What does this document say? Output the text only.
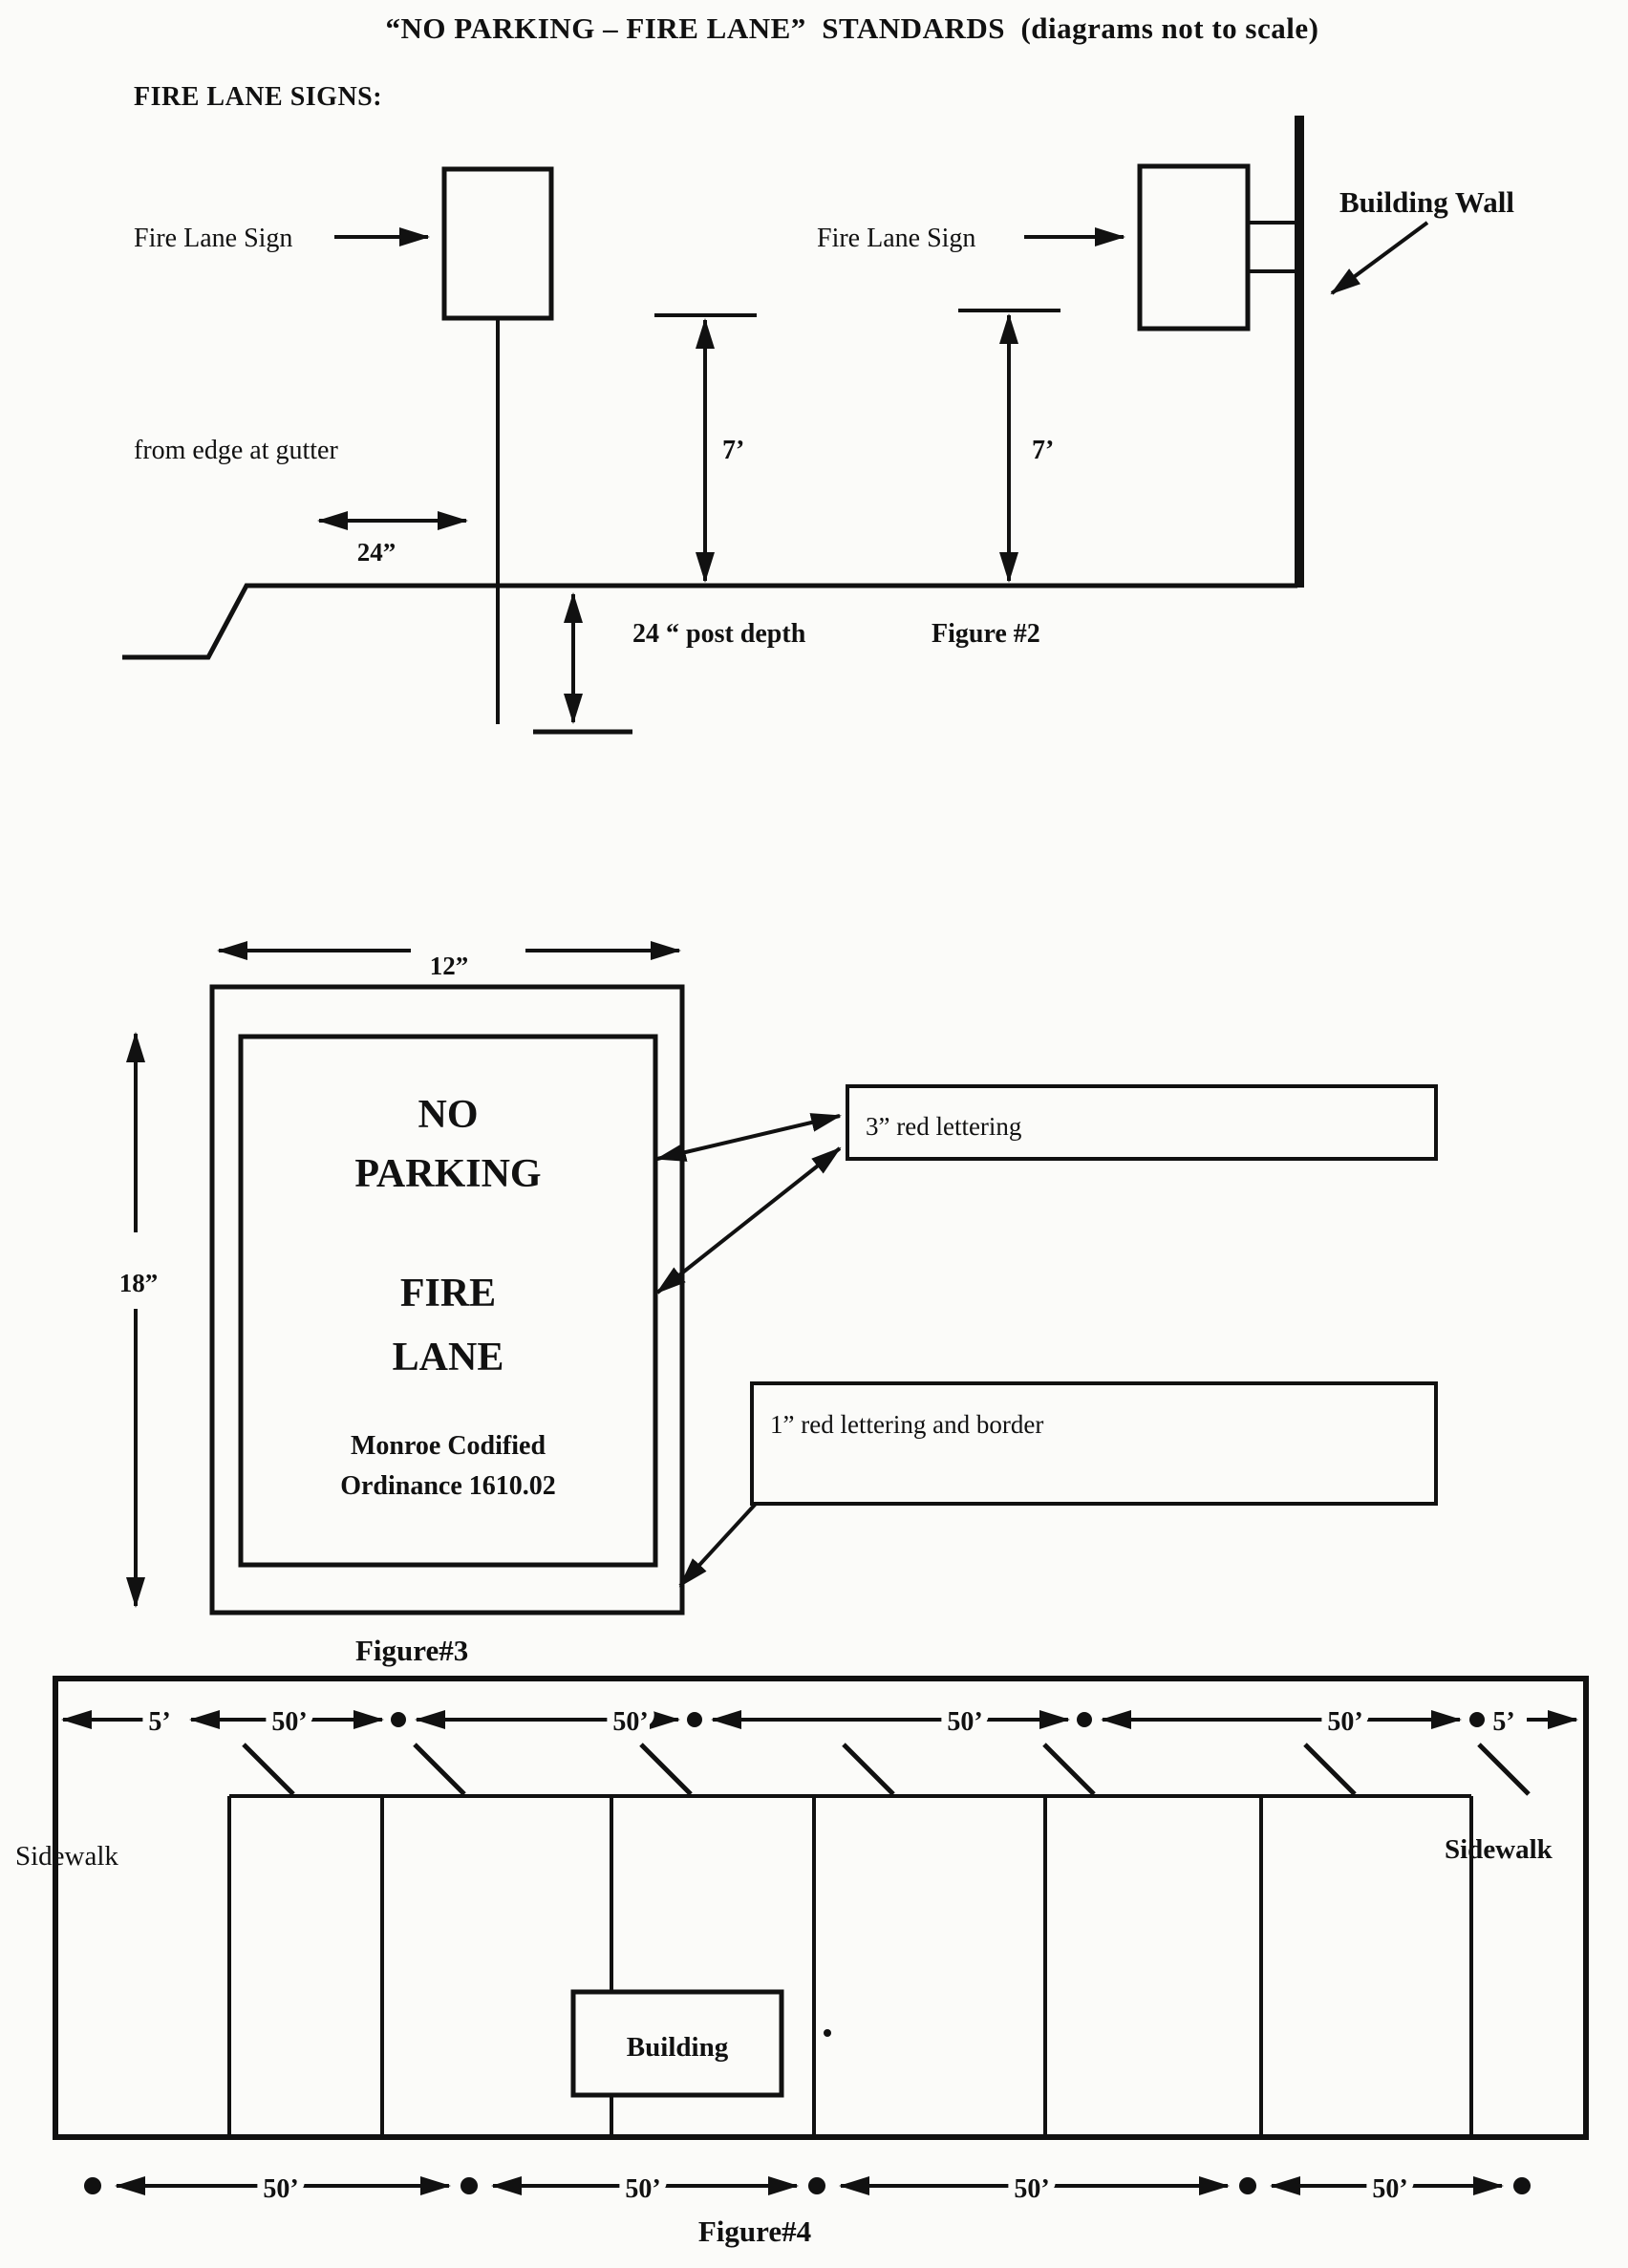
“NO PARKING – FIRE LANE”  STANDARDS  (diagrams not to scale)
FIRE LANE SIGNS:
Fire Lane Sign
from edge at gutter
24”
7’	7’
Fire Lane Sign
Building Wall
24 “ post depth	Figure #2
12”
18”
NO
PARKING
FIRE
LANE
Monroe Codified
Ordinance 1610.02
3” red lettering
1” red lettering and border
Figure#3
5’	50’	50’	50’	50’	5’
Sidewalk	Sidewalk
Building
50’	50’	50’	50’
Figure#4
